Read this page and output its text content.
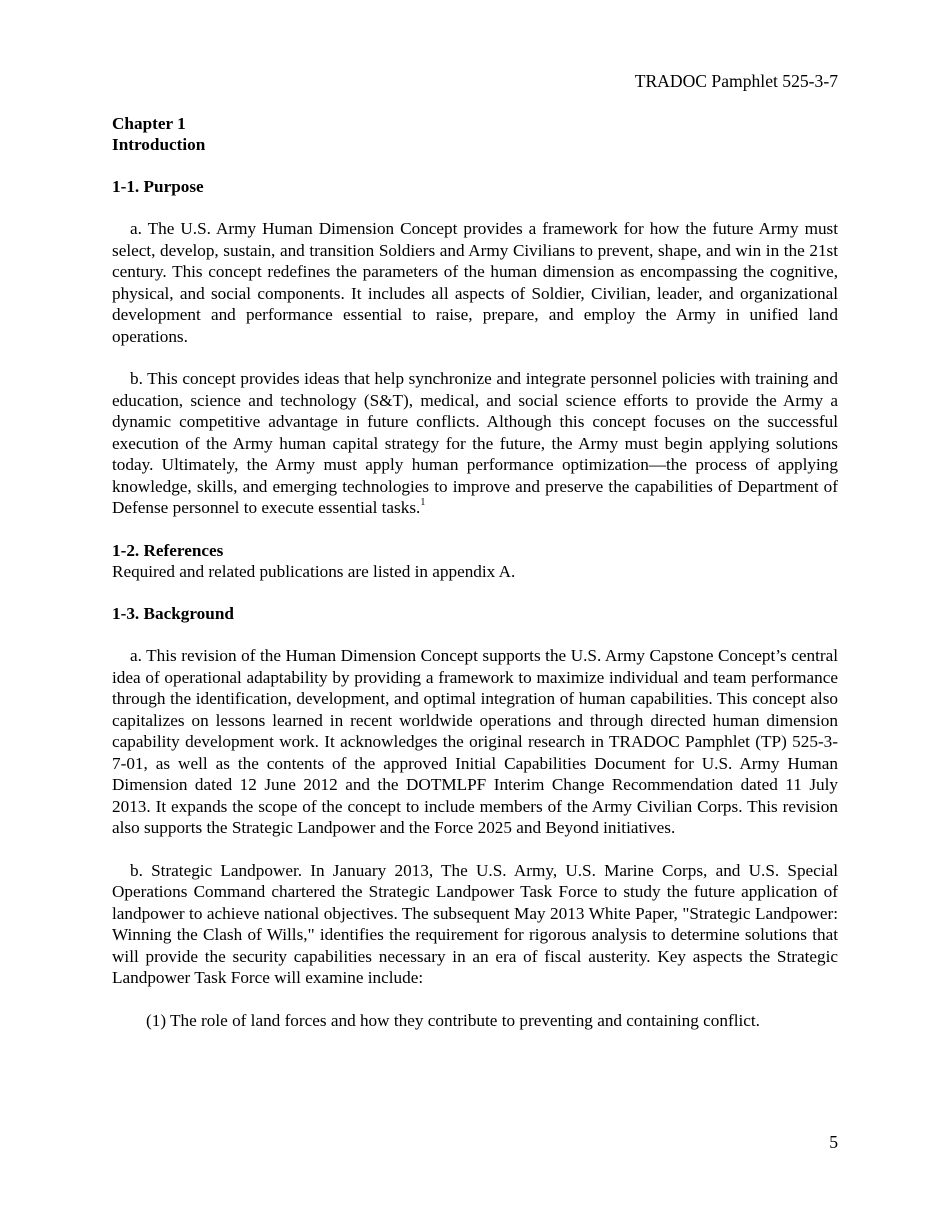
TRADOC Pamphlet 525-3-7
Chapter 1
Introduction
1-1. Purpose

a. The U.S. Army Human Dimension Concept provides a framework for how the future Army must select, develop, sustain, and transition Soldiers and Army Civilians to prevent, shape, and win in the 21st century. This concept redefines the parameters of the human dimension as encompassing the cognitive, physical, and social components. It includes all aspects of Soldier, Civilian, leader, and organizational development and performance essential to raise, prepare, and employ the Army in unified land operations.

b. This concept provides ideas that help synchronize and integrate personnel policies with training and education, science and technology (S&T), medical, and social science efforts to provide the Army a dynamic competitive advantage in future conflicts. Although this concept focuses on the successful execution of the Army human capital strategy for the future, the Army must begin applying solutions today. Ultimately, the Army must apply human performance optimization—the process of applying knowledge, skills, and emerging technologies to improve and preserve the capabilities of Department of Defense personnel to execute essential tasks.$^1$

1-2. References

Required and related publications are listed in appendix A.

1-3. Background

a. This revision of the Human Dimension Concept supports the U.S. Army Capstone Concept’s central idea of operational adaptability by providing a framework to maximize individual and team performance through the identification, development, and optimal integration of human capabilities. This concept also capitalizes on lessons learned in recent worldwide operations and through directed human dimension capability development work. It acknowledges the original research in TRADOC Pamphlet (TP) 525-3-7-01, as well as the contents of the approved Initial Capabilities Document for U.S. Army Human Dimension dated 12 June 2012 and the DOTMLPF Interim Change Recommendation dated 11 July 2013. It expands the scope of the concept to include members of the Army Civilian Corps. This revision also supports the Strategic Landpower and the Force 2025 and Beyond initiatives.

b. Strategic Landpower. In January 2013, The U.S. Army, U.S. Marine Corps, and U.S. Special Operations Command chartered the Strategic Landpower Task Force to study the future application of landpower to achieve national objectives. The subsequent May 2013 White Paper, "Strategic Landpower: Winning the Clash of Wills," identifies the requirement for rigorous analysis to determine solutions that will provide the security capabilities necessary in an era of fiscal austerity. Key aspects the Strategic Landpower Task Force will examine include:

(1) The role of land forces and how they contribute to preventing and containing conflict.

5
